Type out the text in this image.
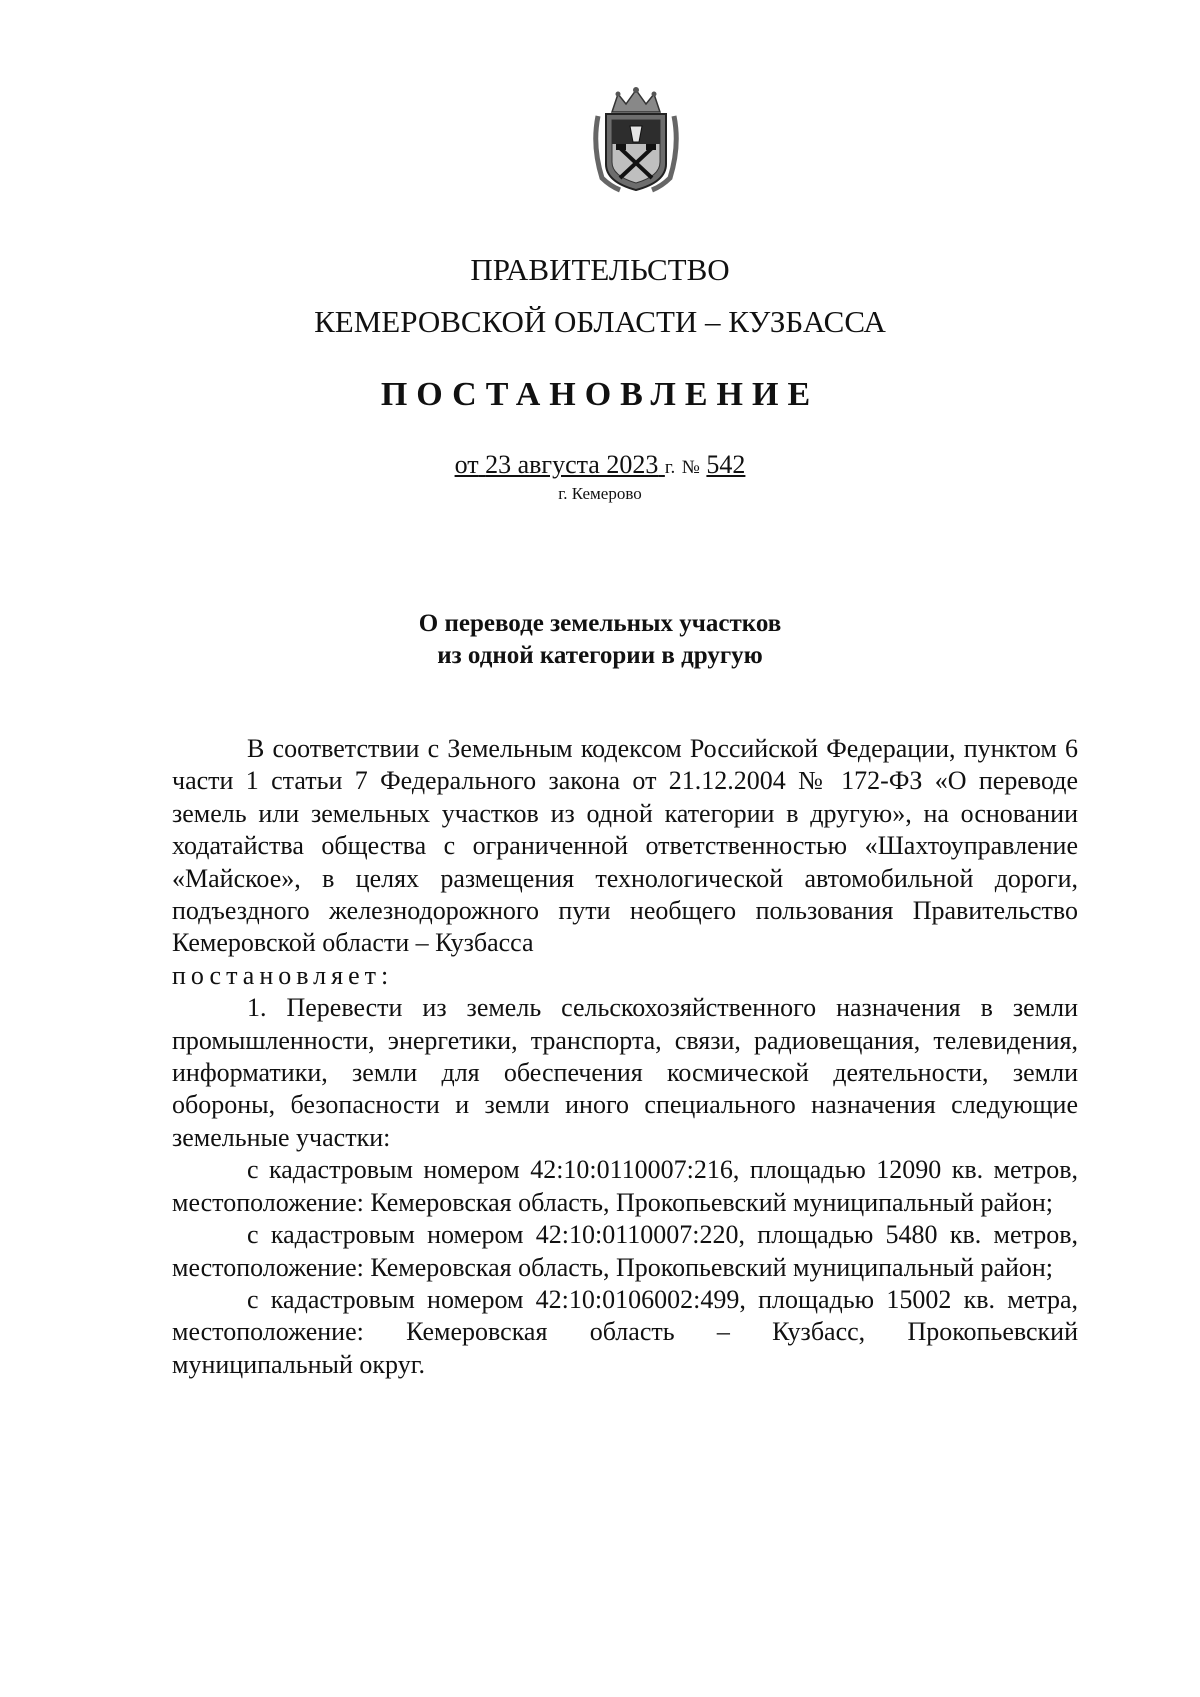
ПРАВИТЕЛЬСТВО
КЕМЕРОВСКОЙ ОБЛАСТИ – КУЗБАССА
ПОСТАНОВЛЕНИЕ
от 23 августа 2023 г. № 542
г. Кемерово
О переводе земельных участков
из одной категории в другую

В соответствии с Земельным кодексом Российской Федерации, пунктом 6 части 1 статьи 7 Федерального закона от 21.12.2004 № 172-ФЗ «О переводе земель или земельных участков из одной категории в другую», на основании ходатайства общества с ограниченной ответственностью «Шахтоуправление «Майское», в целях размещения технологической автомобильной дороги, подъездного железнодорожного пути необщего пользования Правительство Кемеровской области – Кузбасса

постановляет:

1. Перевести из земель сельскохозяйственного назначения в земли промышленности, энергетики, транспорта, связи, радиовещания, телевидения, информатики, земли для обеспечения космической деятельности, земли обороны, безопасности и земли иного специального назначения следующие земельные участки:

с кадастровым номером 42:10:0110007:216, площадью 12090 кв. метров, местоположение: Кемеровская область, Прокопьевский муниципальный район;

с кадастровым номером 42:10:0110007:220, площадью 5480 кв. метров, местоположение: Кемеровская область, Прокопьевский муниципальный район;

с кадастровым номером 42:10:0106002:499, площадью 15002 кв. метра, местоположение: Кемеровская область – Кузбасс, Прокопьевский муниципальный округ.
